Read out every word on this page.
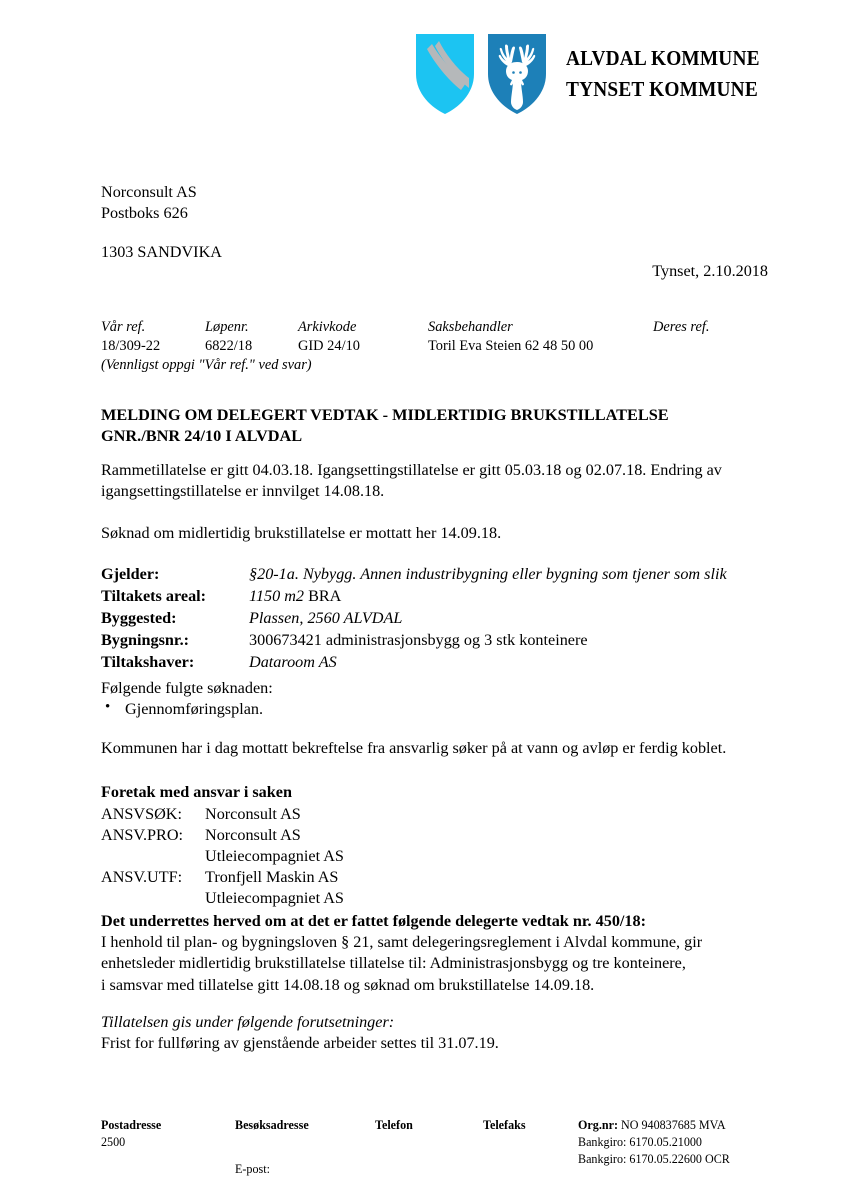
ALVDAL KOMMUNE
TYNSET KOMMUNE
Norconsult AS
Postboks 626
1303 SANDVIKA
Tynset, 2.10.2018
Vår ref.	Løpenr.	Arkivkode	Saksbehandler	Deres ref.
18/309-22	6822/18	GID 24/10	Toril Eva Steien 62 48 50 00	
(Vennligst oppgi "Vår ref." ved svar)				
MELDING OM DELEGERT VEDTAK - MIDLERTIDIG BRUKSTILLATELSE
GNR./BNR 24/10 I ALVDAL
Rammetillatelse er gitt 04.03.18. Igangsettingstillatelse er gitt 05.03.18 og 02.07.18. Endring av igangsettingstillatelse er innvilget 14.08.18.
Søknad om midlertidig brukstillatelse er mottatt her 14.09.18.
Gjelder:	§20-1a. Nybygg. Annen industribygning eller bygning som tjener som slik
Tiltakets areal:	1150 m2 BRA
Byggested:	Plassen, 2560 ALVDAL
Bygningsnr.:	300673421 administrasjonsbygg og 3 stk konteinere
Tiltakshaver:	Dataroom AS
Følgende fulgte søknaden:
• Gjennomføringsplan.
Kommunen har i dag mottatt bekreftelse fra ansvarlig søker på at vann og avløp er ferdig koblet.
Foretak med ansvar i saken
ANSVSØK:	Norconsult AS
ANSV.PRO:	Norconsult AS
	Utleiecompagniet AS
ANSV.UTF:	Tronfjell Maskin AS
	Utleiecompagniet AS
Det underrettes herved om at det er fattet følgende delegerte vedtak nr. 450/18:
I henhold til plan- og bygningsloven § 21, samt delegeringsreglement i Alvdal kommune, gir
enhetsleder midlertidig brukstillatelse tillatelse til: Administrasjonsbygg og tre konteinere,
i samsvar med tillatelse gitt 14.08.18 og søknad om brukstillatelse 14.09.18.
Tillatelsen gis under følgende forutsetninger:
Frist for fullføring av gjenstående arbeider settes til 31.07.19.
Postadresse	Besøksadresse	Telefon	Telefaks	Org.nr: NO 940837685 MVA
2500				Bankgiro: 6170.05.21000
	E-post:			Bankgiro: 6170.05.22600 OCR
